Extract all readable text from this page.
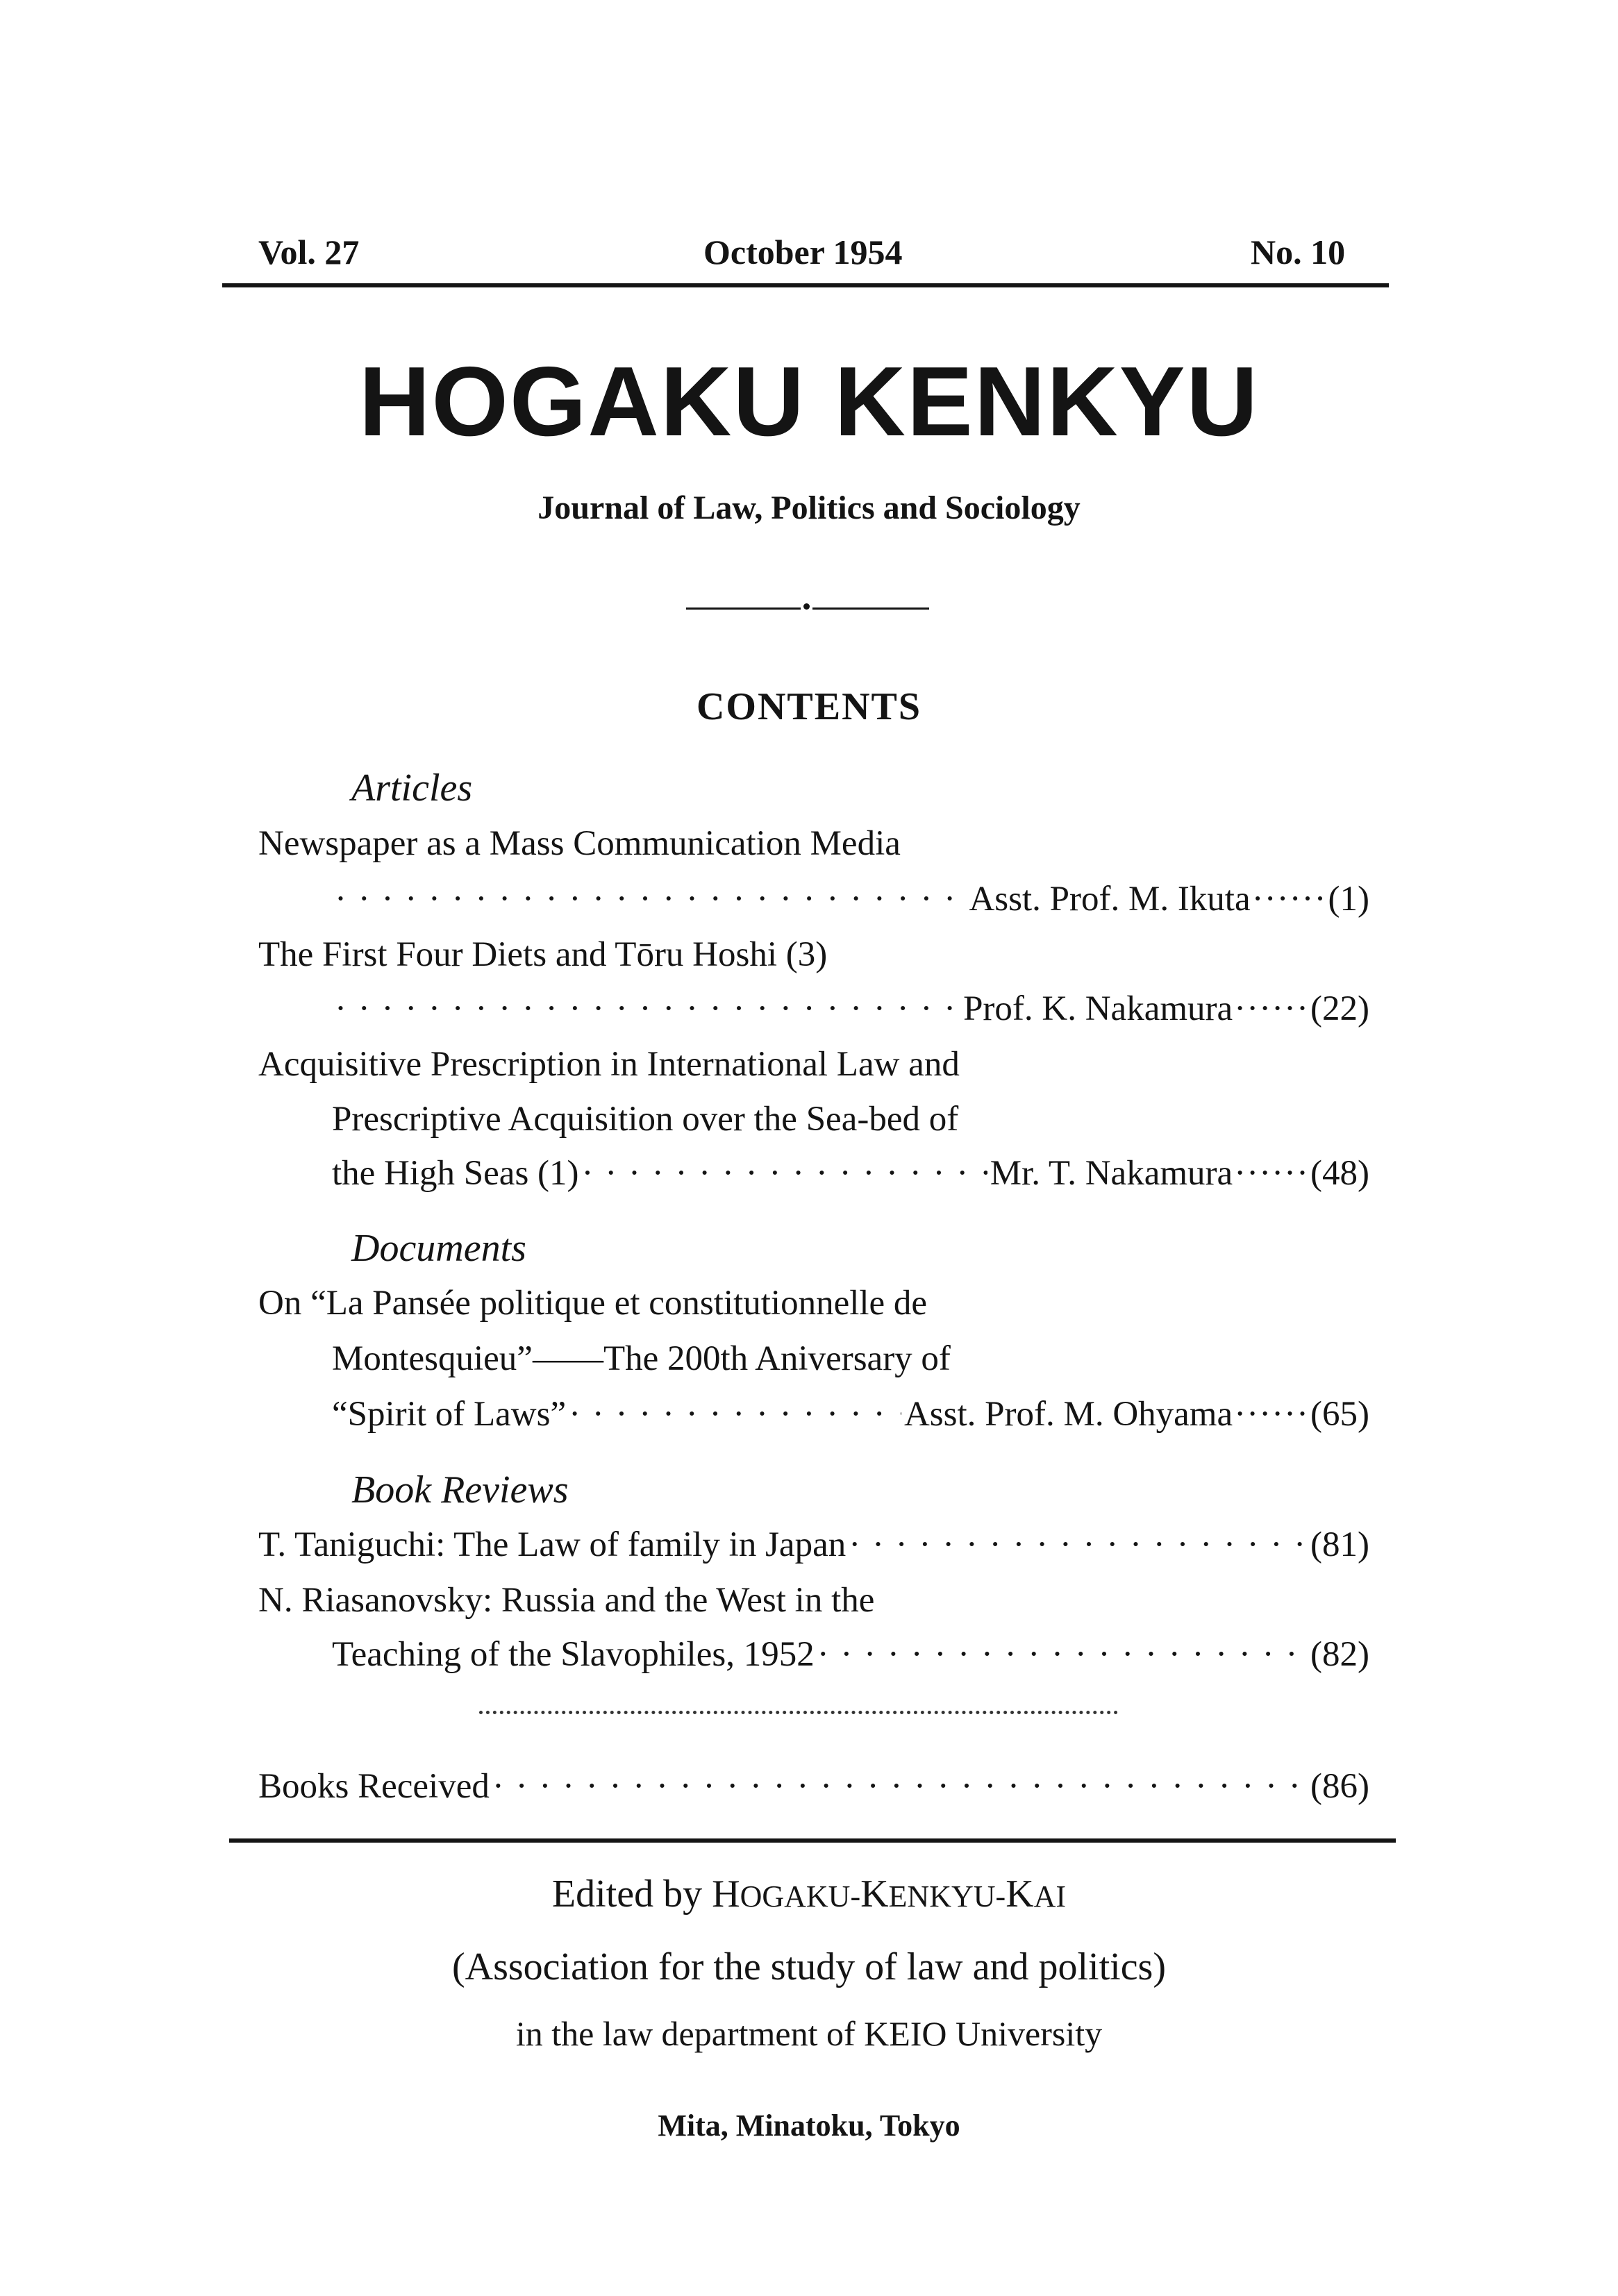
Vol. 27	October 1954	No. 10
HOGAKU KENKYU
Journal of Law, Politics and Sociology
CONTENTS
Articles
Newspaper as a Mass Communication Media
· · ·
Asst. Prof. M. Ikuta ······ (1)
The First Four Diets and Tōru Hoshi (3)
· · ·
Prof. K. Nakamura ······ (22)
Acquisitive Prescription in International Law and
Prescriptive Acquisition over the Sea-bed of
the High Seas (1) · · ·	Mr. T. Nakamura ······ (48)
Documents
On “La Pansée politique et constitutionnelle de
Montesquieu”——The 200th Aniversary of
“Spirit of Laws” · · ·	Asst. Prof. M. Ohyama ······ (65)
Book Reviews
T. Taniguchi: The Law of family in Japan · · ·	(81)
N. Riasanovsky: Russia and the West in the
Teaching of the Slavophiles, 1952 · · ·	(82)
Books Received · · ·	(86)
Edited by HOGAKU-KENKYU-KAI
(Association for the study of law and politics)
in the law department of KEIO University
Mita, Minatoku, Tokyo
